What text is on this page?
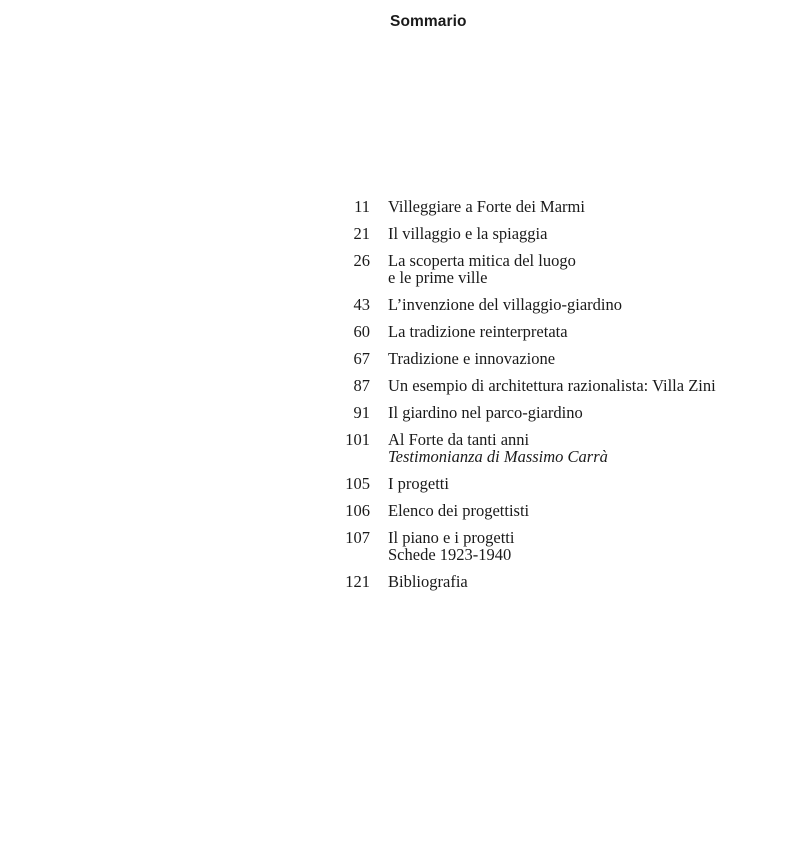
Sommario
11 Villeggiare a Forte dei Marmi
21 Il villaggio e la spiaggia
26 La scoperta mitica del luogo
e le prime ville
43 L’invenzione del villaggio-giardino
60 La tradizione reinterpretata
67 Tradizione e innovazione
87 Un esempio di architettura razionalista: Villa Zini
91 Il giardino nel parco-giardino
101 Al Forte da tanti anni
Testimonianza di Massimo Carrà
105 I progetti
106 Elenco dei progettisti
107 Il piano e i progetti
Schede 1923-1940
121 Bibliografia
